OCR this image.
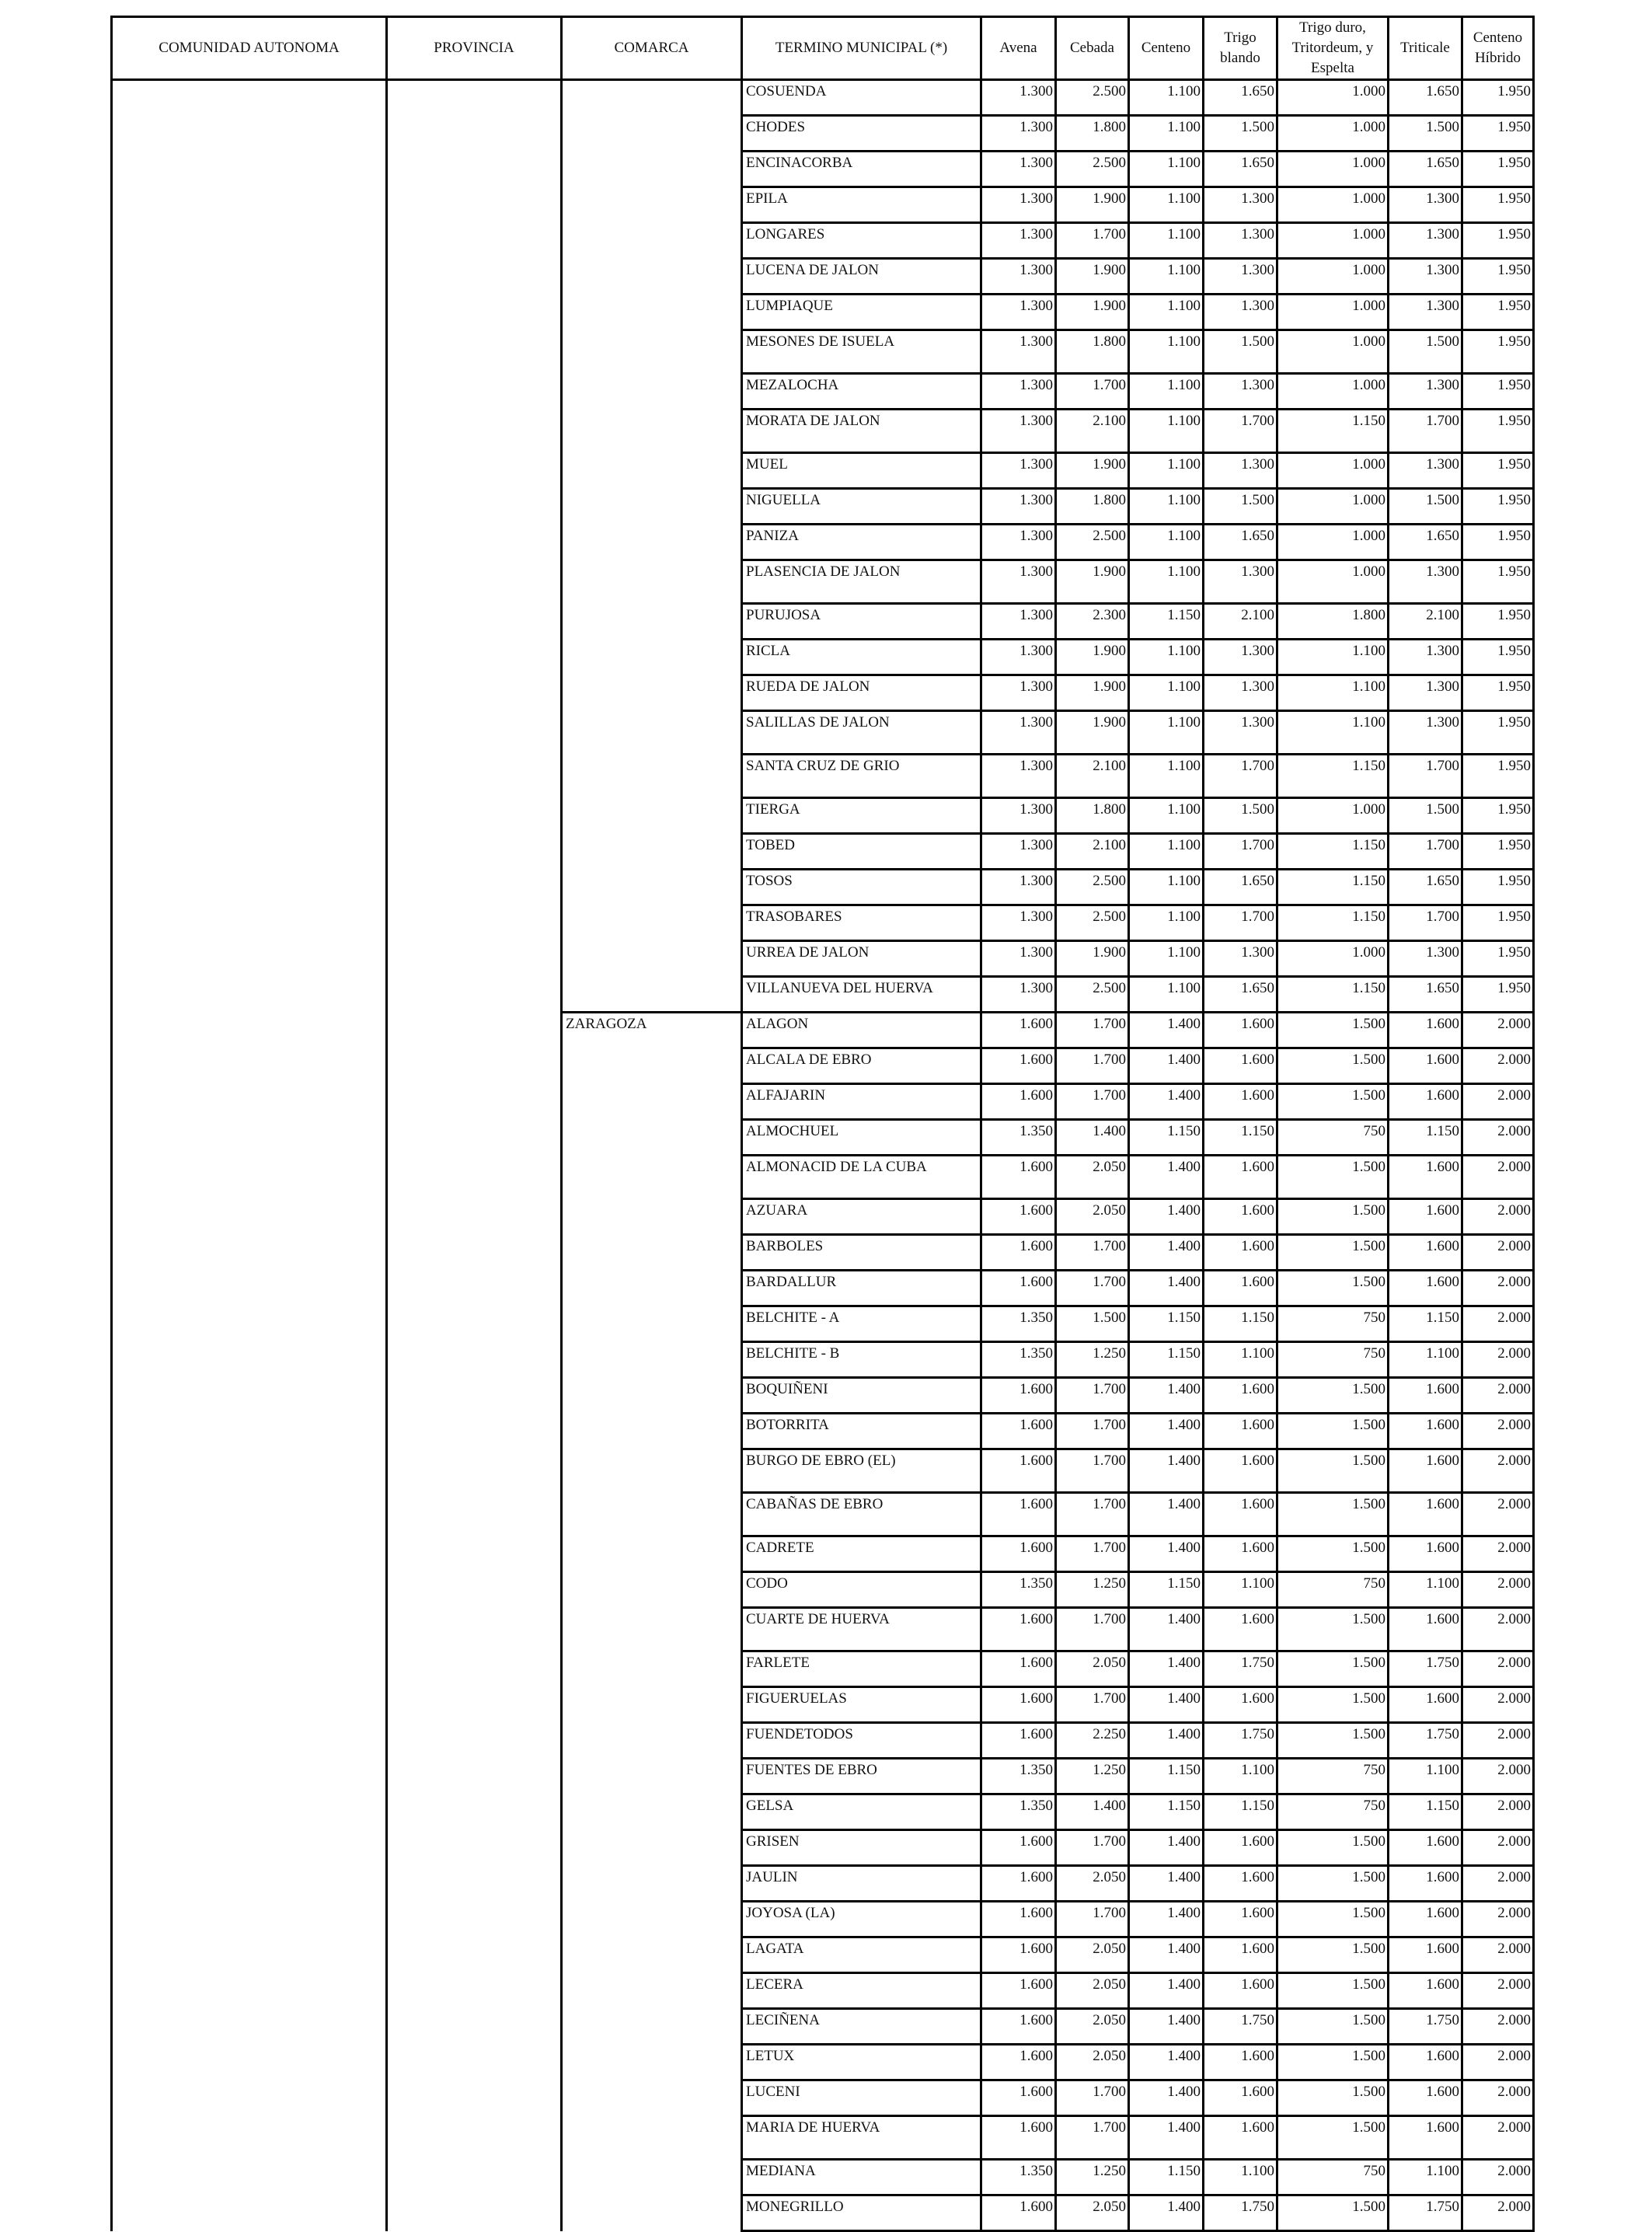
COMUNIDAD AUTONOMA	PROVINCIA	COMARCA	TERMINO MUNICIPAL (*)	Avena	Cebada	Centeno	Trigo blando	Trigo duro, Tritordeum, y Espelta	Triticale	Centeno Híbrido
			COSUENDA	1.300	2.500	1.100	1.650	1.000	1.650	1.950
			CHODES	1.300	1.800	1.100	1.500	1.000	1.500	1.950
			ENCINACORBA	1.300	2.500	1.100	1.650	1.000	1.650	1.950
			EPILA	1.300	1.900	1.100	1.300	1.000	1.300	1.950
			LONGARES	1.300	1.700	1.100	1.300	1.000	1.300	1.950
			LUCENA DE JALON	1.300	1.900	1.100	1.300	1.000	1.300	1.950
			LUMPIAQUE	1.300	1.900	1.100	1.300	1.000	1.300	1.950
			MESONES DE ISUELA	1.300	1.800	1.100	1.500	1.000	1.500	1.950
			MEZALOCHA	1.300	1.700	1.100	1.300	1.000	1.300	1.950
			MORATA DE JALON	1.300	2.100	1.100	1.700	1.150	1.700	1.950
			MUEL	1.300	1.900	1.100	1.300	1.000	1.300	1.950
			NIGUELLA	1.300	1.800	1.100	1.500	1.000	1.500	1.950
			PANIZA	1.300	2.500	1.100	1.650	1.000	1.650	1.950
			PLASENCIA DE JALON	1.300	1.900	1.100	1.300	1.000	1.300	1.950
			PURUJOSA	1.300	2.300	1.150	2.100	1.800	2.100	1.950
			RICLA	1.300	1.900	1.100	1.300	1.100	1.300	1.950
			RUEDA DE JALON	1.300	1.900	1.100	1.300	1.100	1.300	1.950
			SALILLAS DE JALON	1.300	1.900	1.100	1.300	1.100	1.300	1.950
			SANTA CRUZ DE GRIO	1.300	2.100	1.100	1.700	1.150	1.700	1.950
			TIERGA	1.300	1.800	1.100	1.500	1.000	1.500	1.950
			TOBED	1.300	2.100	1.100	1.700	1.150	1.700	1.950
			TOSOS	1.300	2.500	1.100	1.650	1.150	1.650	1.950
			TRASOBARES	1.300	2.500	1.100	1.700	1.150	1.700	1.950
			URREA DE JALON	1.300	1.900	1.100	1.300	1.000	1.300	1.950
			VILLANUEVA DEL HUERVA	1.300	2.500	1.100	1.650	1.150	1.650	1.950
		ZARAGOZA	ALAGON	1.600	1.700	1.400	1.600	1.500	1.600	2.000
			ALCALA DE EBRO	1.600	1.700	1.400	1.600	1.500	1.600	2.000
			ALFAJARIN	1.600	1.700	1.400	1.600	1.500	1.600	2.000
			ALMOCHUEL	1.350	1.400	1.150	1.150	750	1.150	2.000
			ALMONACID DE LA CUBA	1.600	2.050	1.400	1.600	1.500	1.600	2.000
			AZUARA	1.600	2.050	1.400	1.600	1.500	1.600	2.000
			BARBOLES	1.600	1.700	1.400	1.600	1.500	1.600	2.000
			BARDALLUR	1.600	1.700	1.400	1.600	1.500	1.600	2.000
			BELCHITE - A	1.350	1.500	1.150	1.150	750	1.150	2.000
			BELCHITE - B	1.350	1.250	1.150	1.100	750	1.100	2.000
			BOQUIÑENI	1.600	1.700	1.400	1.600	1.500	1.600	2.000
			BOTORRITA	1.600	1.700	1.400	1.600	1.500	1.600	2.000
			BURGO DE EBRO (EL)	1.600	1.700	1.400	1.600	1.500	1.600	2.000
			CABAÑAS DE EBRO	1.600	1.700	1.400	1.600	1.500	1.600	2.000
			CADRETE	1.600	1.700	1.400	1.600	1.500	1.600	2.000
			CODO	1.350	1.250	1.150	1.100	750	1.100	2.000
			CUARTE DE HUERVA	1.600	1.700	1.400	1.600	1.500	1.600	2.000
			FARLETE	1.600	2.050	1.400	1.750	1.500	1.750	2.000
			FIGUERUELAS	1.600	1.700	1.400	1.600	1.500	1.600	2.000
			FUENDETODOS	1.600	2.250	1.400	1.750	1.500	1.750	2.000
			FUENTES DE EBRO	1.350	1.250	1.150	1.100	750	1.100	2.000
			GELSA	1.350	1.400	1.150	1.150	750	1.150	2.000
			GRISEN	1.600	1.700	1.400	1.600	1.500	1.600	2.000
			JAULIN	1.600	2.050	1.400	1.600	1.500	1.600	2.000
			JOYOSA (LA)	1.600	1.700	1.400	1.600	1.500	1.600	2.000
			LAGATA	1.600	2.050	1.400	1.600	1.500	1.600	2.000
			LECERA	1.600	2.050	1.400	1.600	1.500	1.600	2.000
			LECIÑENA	1.600	2.050	1.400	1.750	1.500	1.750	2.000
			LETUX	1.600	2.050	1.400	1.600	1.500	1.600	2.000
			LUCENI	1.600	1.700	1.400	1.600	1.500	1.600	2.000
			MARIA DE HUERVA	1.600	1.700	1.400	1.600	1.500	1.600	2.000
			MEDIANA	1.350	1.250	1.150	1.100	750	1.100	2.000
			MONEGRILLO	1.600	2.050	1.400	1.750	1.500	1.750	2.000
